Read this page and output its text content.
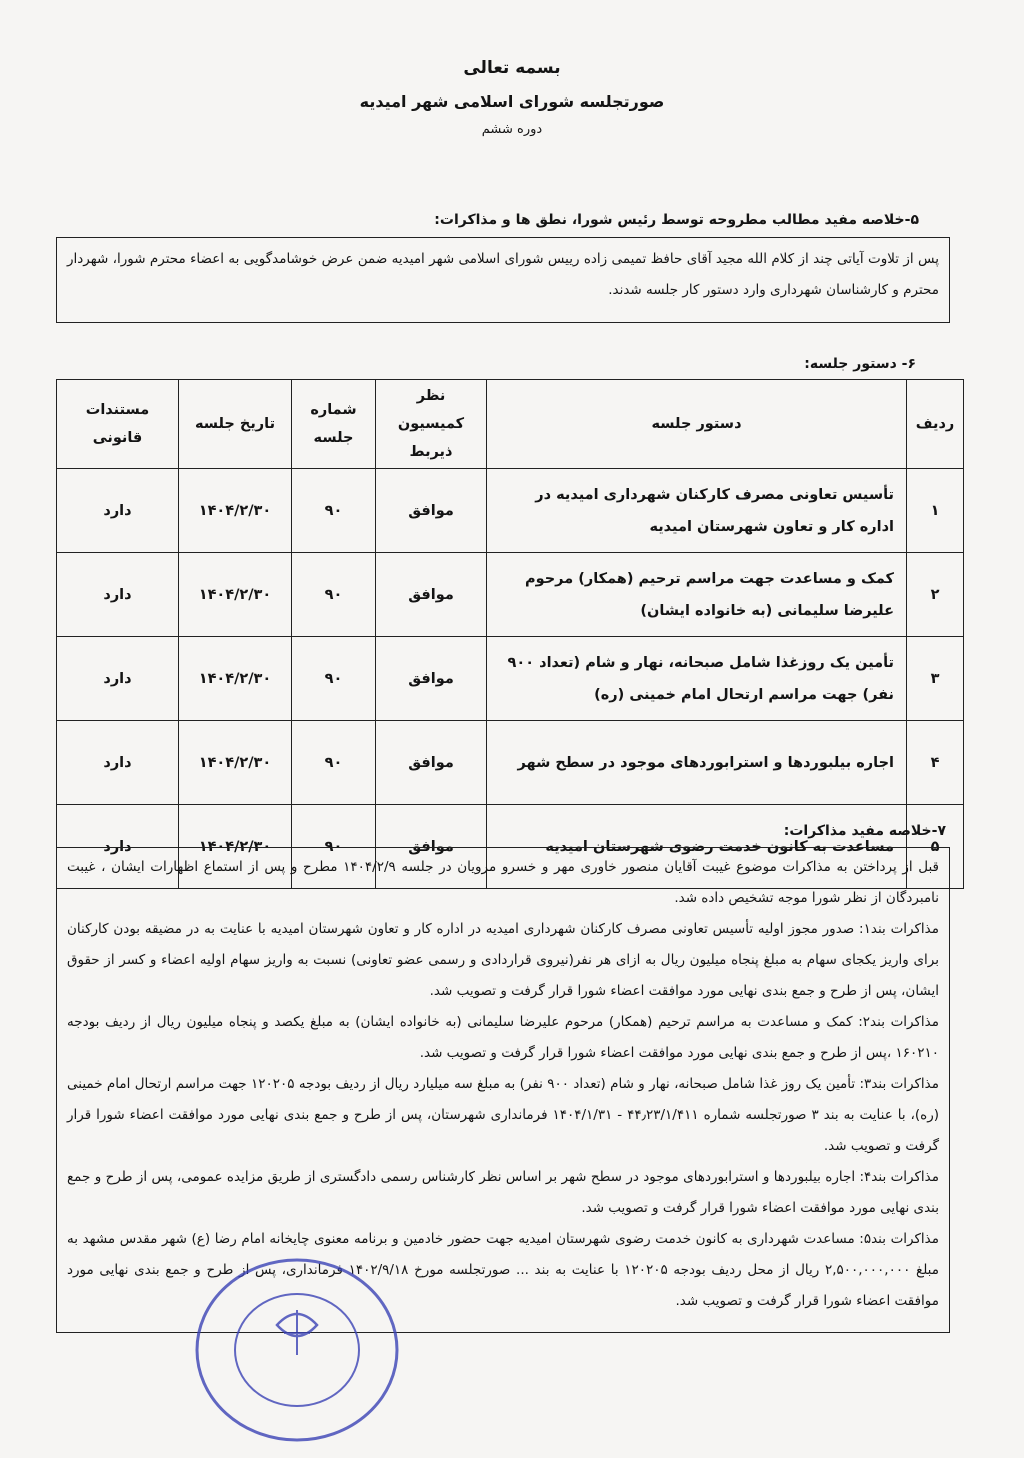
بسمه تعالی
صورتجلسه شورای اسلامی شهر امیدیه
دوره ششم
۵-خلاصه مفید مطالب مطروحه توسط رئیس شورا، نطق ها و مذاکرات:

پس از تلاوت آیاتی چند از کلام الله مجید آقای حافظ تمیمی زاده رییس شورای اسلامی شهر امیدیه ضمن عرض خوشامدگویی به اعضاء محترم شورا، شهردار محترم و کارشناسان شهرداری وارد دستور کار جلسه شدند.

۶- دستور جلسه:
ردیف	دستور جلسه	نظر کمیسیون ذیربط	شماره جلسه	تاریخ جلسه	مستندات قانونی
۱	تأسیس تعاونی مصرف کارکنان شهرداری امیدیه در اداره کار و تعاون شهرستان امیدیه	موافق	۹۰	۱۴۰۴/۲/۳۰	دارد
۲	کمک و مساعدت جهت مراسم ترحیم (همکار) مرحوم علیرضا سلیمانی (به خانواده ایشان)	موافق	۹۰	۱۴۰۴/۲/۳۰	دارد
۳	تأمین یک روزغذا شامل صبحانه، نهار و شام (تعداد ۹۰۰ نفر) جهت مراسم ارتحال امام خمینی (ره)	موافق	۹۰	۱۴۰۴/۲/۳۰	دارد
۴	اجاره بیلبوردها و استرابوردهای موجود در سطح شهر	موافق	۹۰	۱۴۰۴/۲/۳۰	دارد
۵	مساعدت به کانون خدمت رضوی شهرستان امیدیه	موافق	۹۰	۱۴۰۴/۲/۳۰	دارد
۷-خلاصه مفید مذاکرات:

قبل از پرداختن به مذاکرات موضوع غیبت آقایان منصور خاوری مهر و خسرو مرویان در جلسه ۱۴۰۴/۲/۹ مطرح و پس از استماع اظهارات ایشان ، غیبت نامبردگان از نظر شورا موجه تشخیص داده شد.

مذاکرات بند۱: صدور مجوز اولیه تأسیس تعاونی مصرف کارکنان شهرداری امیدیه در اداره کار و تعاون شهرستان امیدیه با عنایت به در مضیقه بودن کارکنان برای واریز یکجای سهام به مبلغ پنجاه میلیون ریال به ازای هر نفر(نیروی قراردادی و رسمی عضو تعاونی) نسبت به واریز سهام اولیه اعضاء و کسر از حقوق ایشان، پس از طرح و جمع بندی نهایی مورد موافقت اعضاء شورا قرار گرفت و تصویب شد.

مذاکرات بند۲: کمک و مساعدت به مراسم ترحیم (همکار) مرحوم علیرضا سلیمانی (به خانواده ایشان) به مبلغ یکصد و پنجاه میلیون ریال از ردیف بودجه ۱۶۰۲۱۰ ،پس از طرح و جمع بندی نهایی مورد موافقت اعضاء شورا قرار گرفت و تصویب شد.

مذاکرات بند۳: تأمین یک روز غذا شامل صبحانه، نهار و شام (تعداد ۹۰۰ نفر) به مبلغ سه میلیارد ریال از ردیف بودجه ۱۲۰۲۰۵ جهت مراسم ارتحال امام خمینی (ره)، با عنایت به بند ۳ صورتجلسه شماره ۴۴٫۲۳/۱/۴۱۱ - ۱۴۰۴/۱/۳۱ فرمانداری شهرستان، پس از طرح و جمع بندی نهایی مورد موافقت اعضاء شورا قرار گرفت و تصویب شد.

مذاکرات بند۴: اجاره بیلبوردها و استرابوردهای موجود در سطح شهر بر اساس نظر کارشناس رسمی دادگستری از طریق مزایده عمومی، پس از طرح و جمع بندی نهایی مورد موافقت اعضاء شورا قرار گرفت و تصویب شد.

مذاکرات بند۵: مساعدت شهرداری به کانون خدمت رضوی شهرستان امیدیه جهت حضور خادمین و برنامه معنوی چایخانه امام رضا (ع) شهر مقدس مشهد به مبلغ ۲,۵۰۰,۰۰۰,۰۰۰ ریال از محل ردیف بودجه ۱۲۰۲۰۵ با عنایت به بند ... صورتجلسه مورخ ۱۴۰۲/۹/۱۸ فرمانداری، پس از طرح و جمع بندی نهایی مورد موافقت اعضاء شورا قرار گرفت و تصویب شد.
